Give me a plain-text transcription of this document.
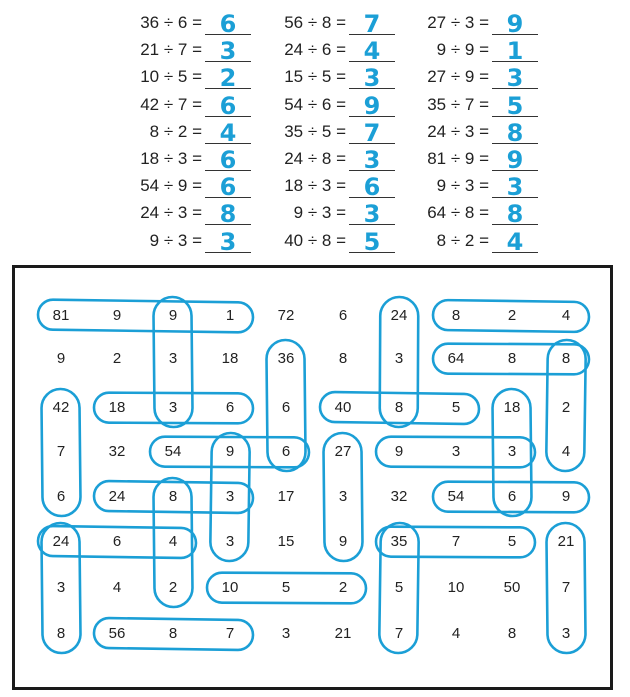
36 ÷ 6 = 6
21 ÷ 7 = 3
10 ÷ 5 = 2
42 ÷ 7 = 6
8 ÷ 2 = 4
18 ÷ 3 = 6
54 ÷ 9 = 6
24 ÷ 3 = 8
9 ÷ 3 = 3
56 ÷ 8 = 7
24 ÷ 6 = 4
15 ÷ 5 = 3
54 ÷ 6 = 9
35 ÷ 5 = 7
24 ÷ 8 = 3
18 ÷ 3 = 6
9 ÷ 3 = 3
40 ÷ 8 = 5
27 ÷ 3 = 9
9 ÷ 9 = 1
27 ÷ 9 = 3
35 ÷ 7 = 5
24 ÷ 3 = 8
81 ÷ 9 = 9
9 ÷ 3 = 3
64 ÷ 8 = 8
8 ÷ 2 = 4
81	9	9	1	72	6	24	8	2	4
9	2	3	18	36	8	3	64	8	8
42	18	3	6	6	40	8	5	18	2
7	32	54	9	6	27	9	3	3	4
6	24	8	3	17	3	32	54	6	9
24	6	4	3	15	9	35	7	5	21
3	4	2	10	5	2	5	10	50	7
8	56	8	7	3	21	7	4	8	3
